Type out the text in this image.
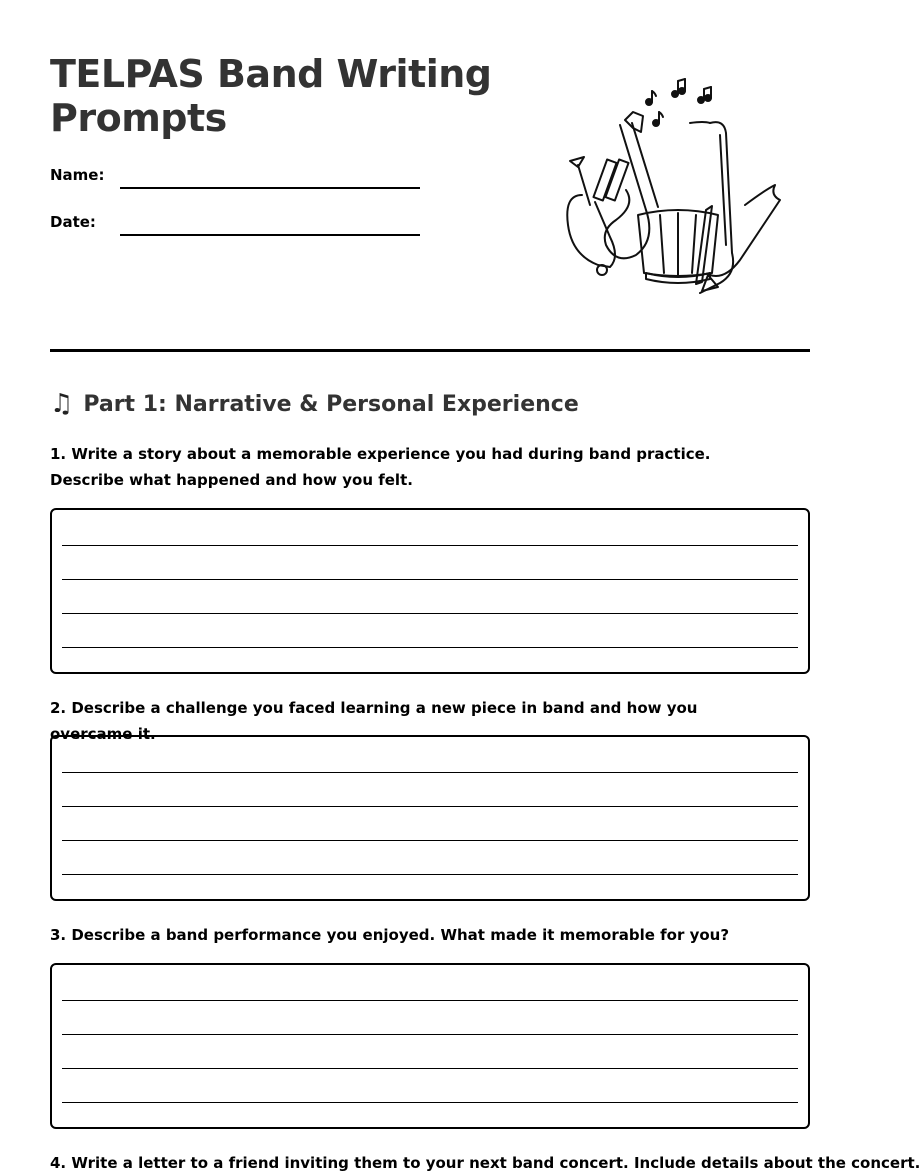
TELPAS Band Writing Prompts
Name:
Date:
♫ Part 1: Narrative & Personal Experience
1. Write a story about a memorable experience you had during band practice. Describe what happened and how you felt.
2. Describe a challenge you faced learning a new piece in band and how you overcame it.
3. Describe a band performance you enjoyed. What made it memorable for you?
4. Write a letter to a friend inviting them to your next band concert. Include details about the concert.
